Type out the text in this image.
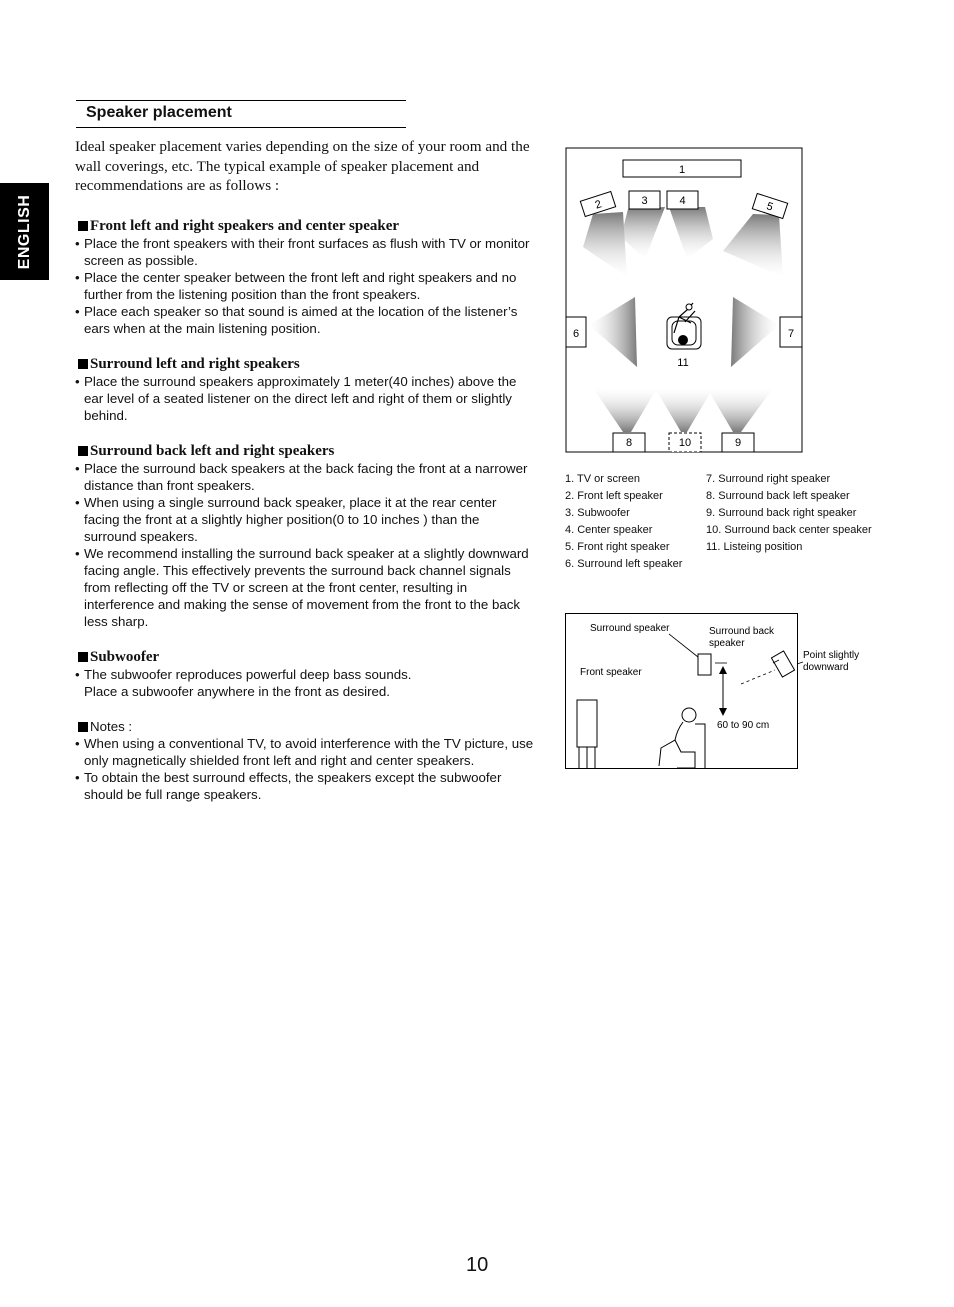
ENGLISH
Speaker placement

Ideal speaker placement varies depending on the size of your room and the wall coverings, etc. The typical example of speaker placement and recommendations are as follows :

Front left and right speakers and center speaker

• Place the front speakers with their front surfaces as flush with TV or monitor screen as possible.
• Place the center speaker between the front left and right speakers and no further from the listening position than the front speakers.
• Place each speaker so that sound is aimed at the location of the listener’s ears when at the main listening position.

Surround left and right speakers

• Place the surround speakers approximately 1 meter(40 inches) above the ear level of a seated listener on the direct left and right of them or slightly behind.

Surround back left and right speakers

• Place the surround back speakers at the back facing the front at a narrower distance than front speakers.
• When using a single surround back speaker, place it at the rear center facing the front at a slightly higher position(0 to 10 inches ) than the surround speakers.
• We recommend installing the surround back speaker at a slightly downward facing angle. This effectively prevents the surround back channel signals from reflecting off the TV or screen at the front center, resulting in interference and making the sense of movement from the front to the back less sharp.

Subwoofer

• The subwoofer reproduces powerful deep bass sounds.

Place a subwoofer anywhere in the front as desired.

Notes :

• When using a conventional TV, to avoid interference with the TV picture, use only magnetically shielded front left and right and center speakers.
• To obtain the best surround effects, the speakers except the subwoofer should be full range speakers.
1
2	3	4	5
6	7
8	10	9
11
1. TV or screen
2. Front left speaker
3. Subwoofer
4. Center speaker
5. Front right speaker
6. Surround left speaker
7. Surround right speaker
8. Surround back left speaker
9. Surround back right speaker
10. Surround back center speaker
11. Listeing position
Surround speaker	Surround back
speaker
Front speaker
Point slightly
downward
60 to 90 cm
10
